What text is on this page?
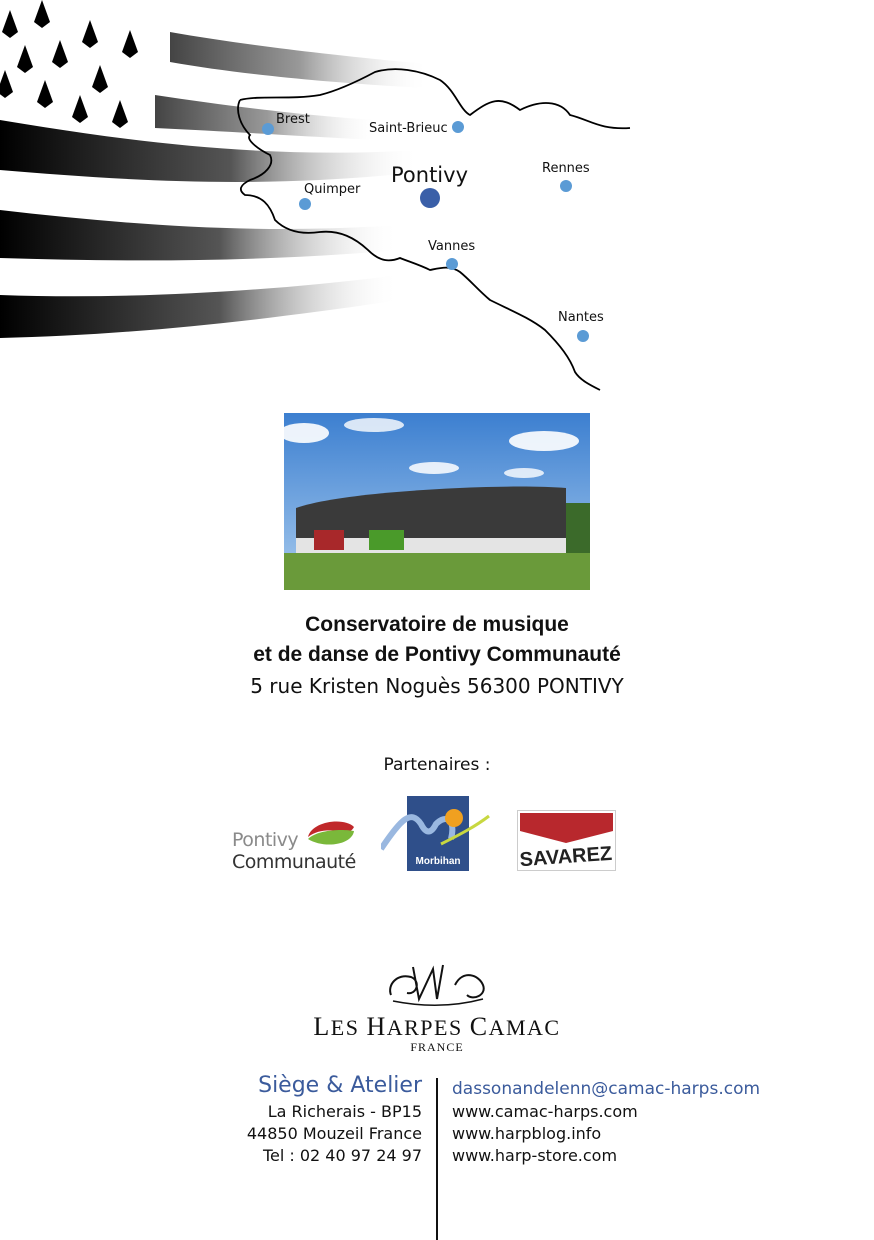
Brest
Saint-Brieuc
Pontivy	Rennes
Quimper
Vannes
Nantes
Conservatoire de musique
et de danse de Pontivy Communauté
5 rue Kristen Noguès 56300 PONTIVY
Partenaires :
Pontivy
Communauté	Morbihan	SAVAREZ
LES HARPES CAMAC
FRANCE
Siège & Atelier
La Richerais - BP15
44850 Mouzeil France
Tel : 02 40 97 24 97
dassonandelenn@camac-harps.com
www.camac-harps.com
www.harpblog.info
www.harp-store.com
